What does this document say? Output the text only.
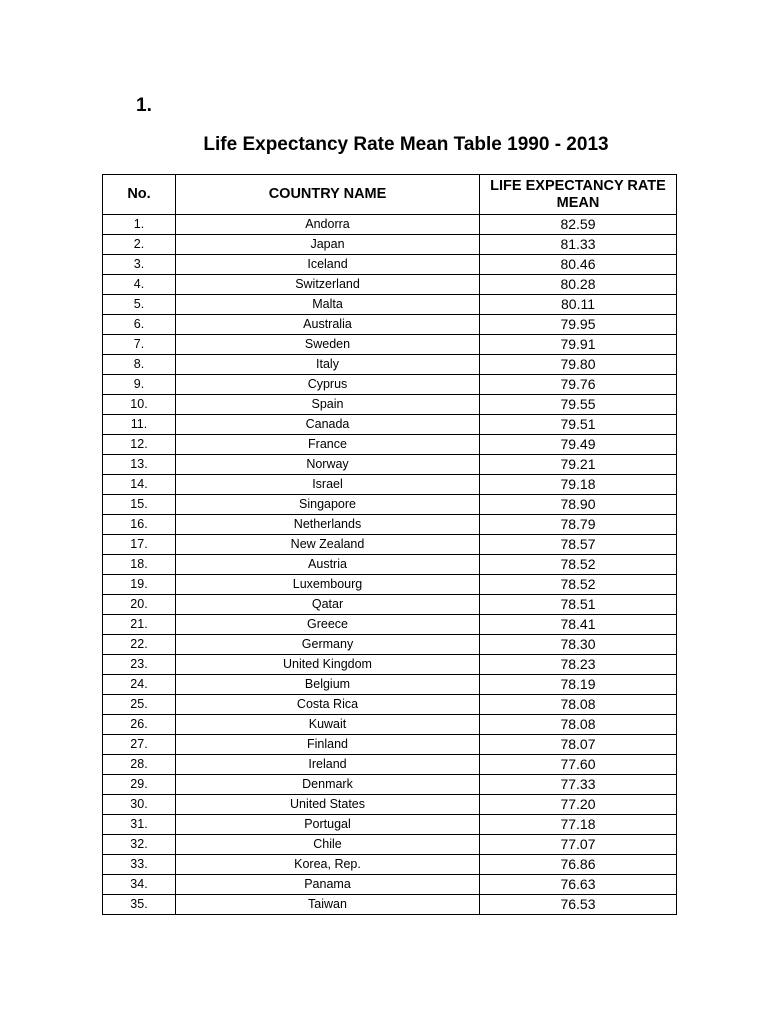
1.
Life Expectancy Rate Mean Table 1990 - 2013
No.	COUNTRY NAME	LIFE EXPECTANCY RATE MEAN
1.	Andorra	82.59
2.	Japan	81.33
3.	Iceland	80.46
4.	Switzerland	80.28
5.	Malta	80.11
6.	Australia	79.95
7.	Sweden	79.91
8.	Italy	79.80
9.	Cyprus	79.76
10.	Spain	79.55
11.	Canada	79.51
12.	France	79.49
13.	Norway	79.21
14.	Israel	79.18
15.	Singapore	78.90
16.	Netherlands	78.79
17.	New Zealand	78.57
18.	Austria	78.52
19.	Luxembourg	78.52
20.	Qatar	78.51
21.	Greece	78.41
22.	Germany	78.30
23.	United Kingdom	78.23
24.	Belgium	78.19
25.	Costa Rica	78.08
26.	Kuwait	78.08
27.	Finland	78.07
28.	Ireland	77.60
29.	Denmark	77.33
30.	United States	77.20
31.	Portugal	77.18
32.	Chile	77.07
33.	Korea, Rep.	76.86
34.	Panama	76.63
35.	Taiwan	76.53
